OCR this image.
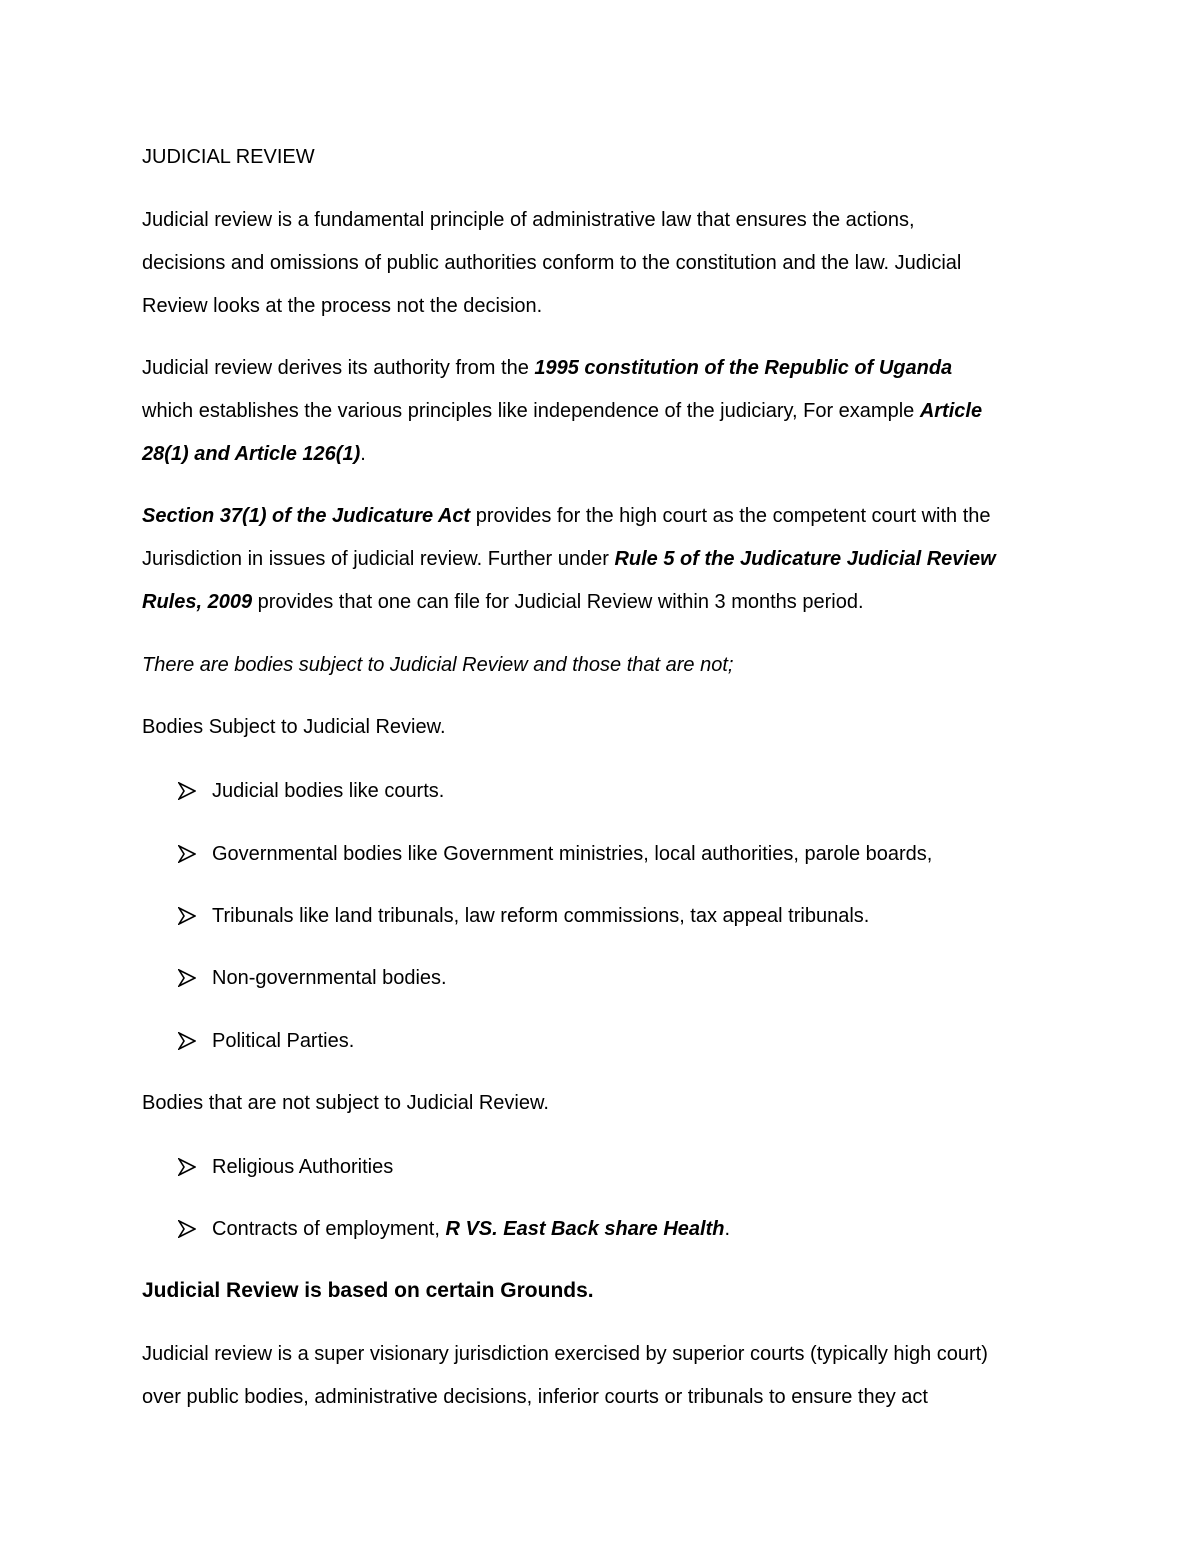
JUDICIAL REVIEW
Judicial review is a fundamental principle of administrative law that ensures the actions,
decisions and omissions of public authorities conform to the constitution and the law. Judicial
Review looks at the process not the decision.
Judicial review derives its authority from the 1995 constitution of the Republic of Uganda
which establishes the various principles like independence of the judiciary, For example Article
28(1) and Article 126(1).
Section 37(1) of the Judicature Act provides for the high court as the competent court with the
Jurisdiction in issues of judicial review. Further under Rule 5 of the Judicature Judicial Review
Rules, 2009 provides that one can file for Judicial Review within 3 months period.
There are bodies subject to Judicial Review and those that are not;
Bodies Subject to Judicial Review.
Judicial bodies like courts.
Governmental bodies like Government ministries, local authorities, parole boards,
Tribunals like land tribunals, law reform commissions, tax appeal tribunals.
Non-governmental bodies.
Political Parties.
Bodies that are not subject to Judicial Review.
Religious Authorities
Contracts of employment, R VS. East Back share Health.
Judicial Review is based on certain Grounds.
Judicial review is a super visionary jurisdiction exercised by superior courts (typically high court)
over public bodies, administrative decisions, inferior courts or tribunals to ensure they act
